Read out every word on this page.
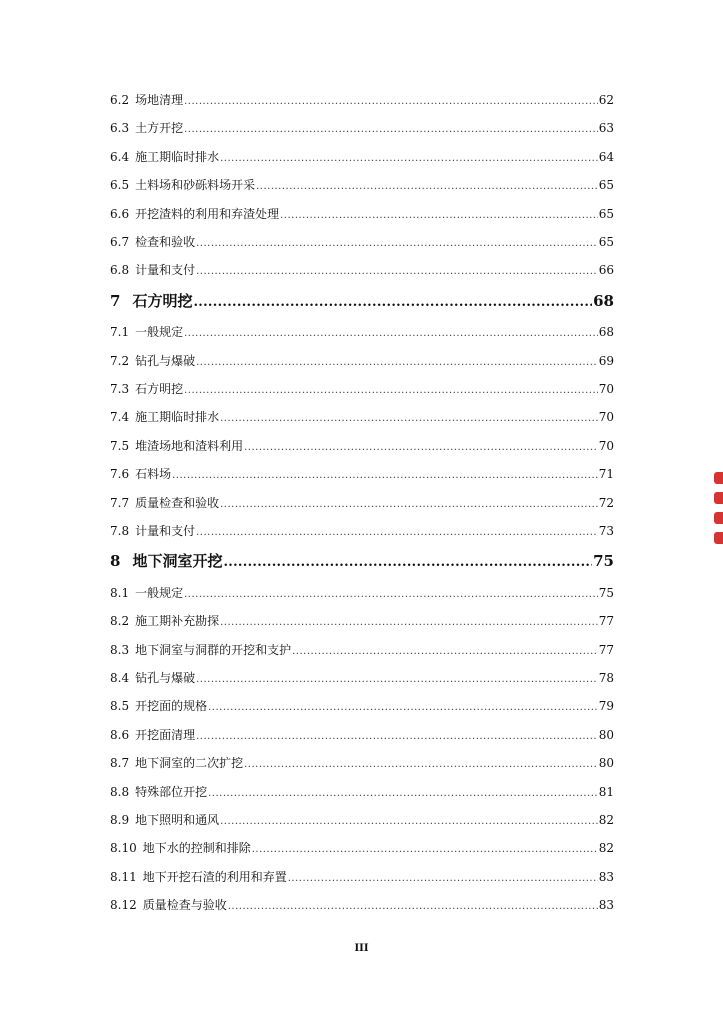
6.2 场地清理 .....	62
6.3 土方开挖 .....	63
6.4 施工期临时排水 .....	64
6.5 土料场和砂砾料场开采 .....	65
6.6 开挖渣料的利用和弃渣处理 .....	65
6.7 检查和验收 .....	65
6.8 计量和支付 .....	66
7 石方明挖 .....	68
7.1 一般规定 .....	68
7.2 钻孔与爆破 .....	69
7.3 石方明挖 .....	70
7.4 施工期临时排水 .....	70
7.5 堆渣场地和渣料利用 .....	70
7.6 石料场 .....	71
7.7 质量检查和验收 .....	72
7.8 计量和支付 .....	73
8 地下洞室开挖 .....	75
8.1 一般规定 .....	75
8.2 施工期补充勘探 .....	77
8.3 地下洞室与洞群的开挖和支护 .....	77
8.4 钻孔与爆破 .....	78
8.5 开挖面的规格 .....	79
8.6 开挖面清理 .....	80
8.7 地下洞室的二次扩挖 .....	80
8.8 特殊部位开挖 .....	81
8.9 地下照明和通风 .....	82
8.10 地下水的控制和排除 .....	82
8.11 地下开挖石渣的利用和弃置 .....	83
8.12 质量检查与验收 .....	83
III
